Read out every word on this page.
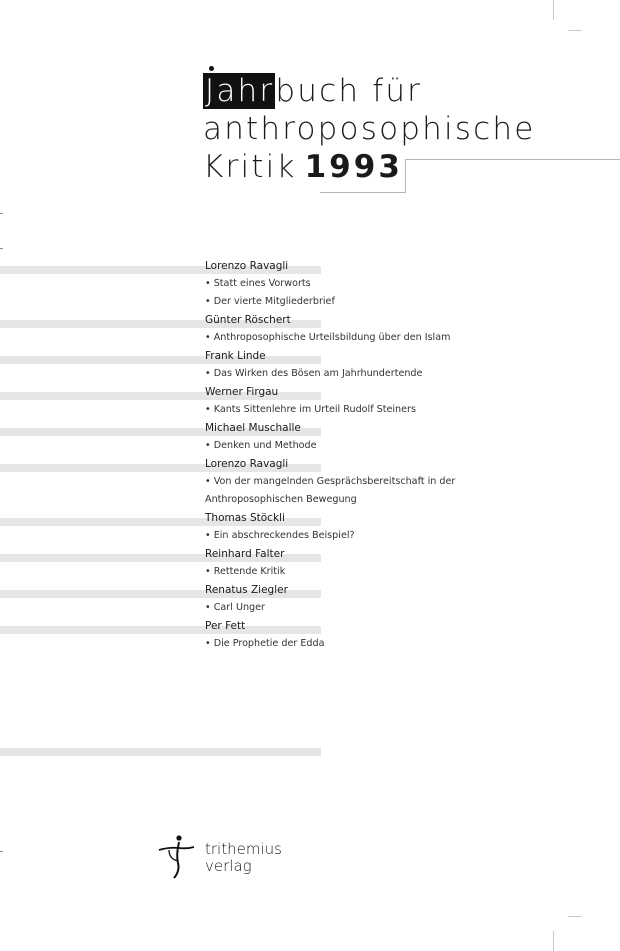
Jahrbuch für
anthroposophische
Kritik 1993
Lorenzo Ravagli
• Statt eines Vorworts
• Der vierte Mitgliederbrief
Günter Röschert
• Anthroposophische Urteilsbildung über den Islam
Frank Linde
• Das Wirken des Bösen am Jahrhundertende
Werner Firgau
• Kants Sittenlehre im Urteil Rudolf Steiners
Michael Muschalle
• Denken und Methode
Lorenzo Ravagli
• Von der mangelnden Gesprächsbereitschaft in der
Anthroposophischen Bewegung
Thomas Stöckli
• Ein abschreckendes Beispiel?
Reinhard Falter
• Rettende Kritik
Renatus Ziegler
• Carl Unger
Per Fett
• Die Prophetie der Edda
trithemius
verlag
